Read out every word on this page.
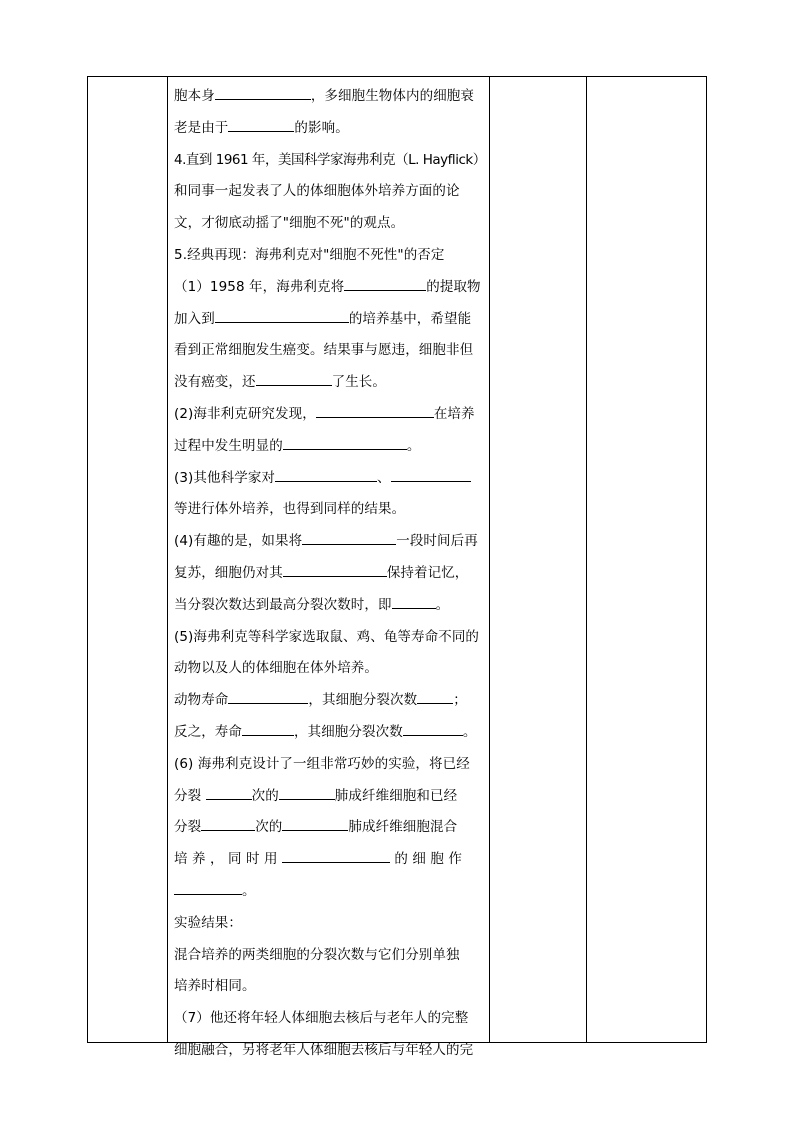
胞本身	，多细胞生物体内的细胞衰
老是由于	的影响。
4.直到 1961 年，美国科学家海弗利克（L. Hayflick）
和同事一起发表了人的体细胞体外培养方面的论
文，才彻底动摇了"细胞不死"的观点。
5.经典再现：海弗利克对"细胞不死性"的否定
（1）1958 年，海弗利克将	的提取物
加入到	的培养基中，希望能
看到正常细胞发生癌变。结果事与愿违，细胞非但
没有癌变，还	了生长。
(2)海非利克研究发现，	在培养
过程中发生明显的	。
(3)其他科学家对	、
等进行体外培养，也得到同样的结果。
(4)有趣的是，如果将	一段时间后再
复苏，细胞仍对其	保持着记忆，
当分裂次数达到最高分裂次数时，即	。
(5)海弗利克等科学家选取鼠、鸡、龟等寿命不同的
动物以及人的体细胞在体外培养。
动物寿命	，其细胞分裂次数	；
反之，寿命	，其细胞分裂次数	。
(6) 海弗利克设计了一组非常巧妙的实验，将已经
分裂	次的	肺成纤维细胞和已经
分裂	次的	肺成纤维细胞混合
培 养 ， 同 时 用	的 细 胞 作
。
实验结果：
混合培养的两类细胞的分裂次数与它们分别单独
培养时相同。
（7）他还将年轻人体细胞去核后与老年人的完整
细胞融合，另将老年人体细胞去核后与年轻人的完
